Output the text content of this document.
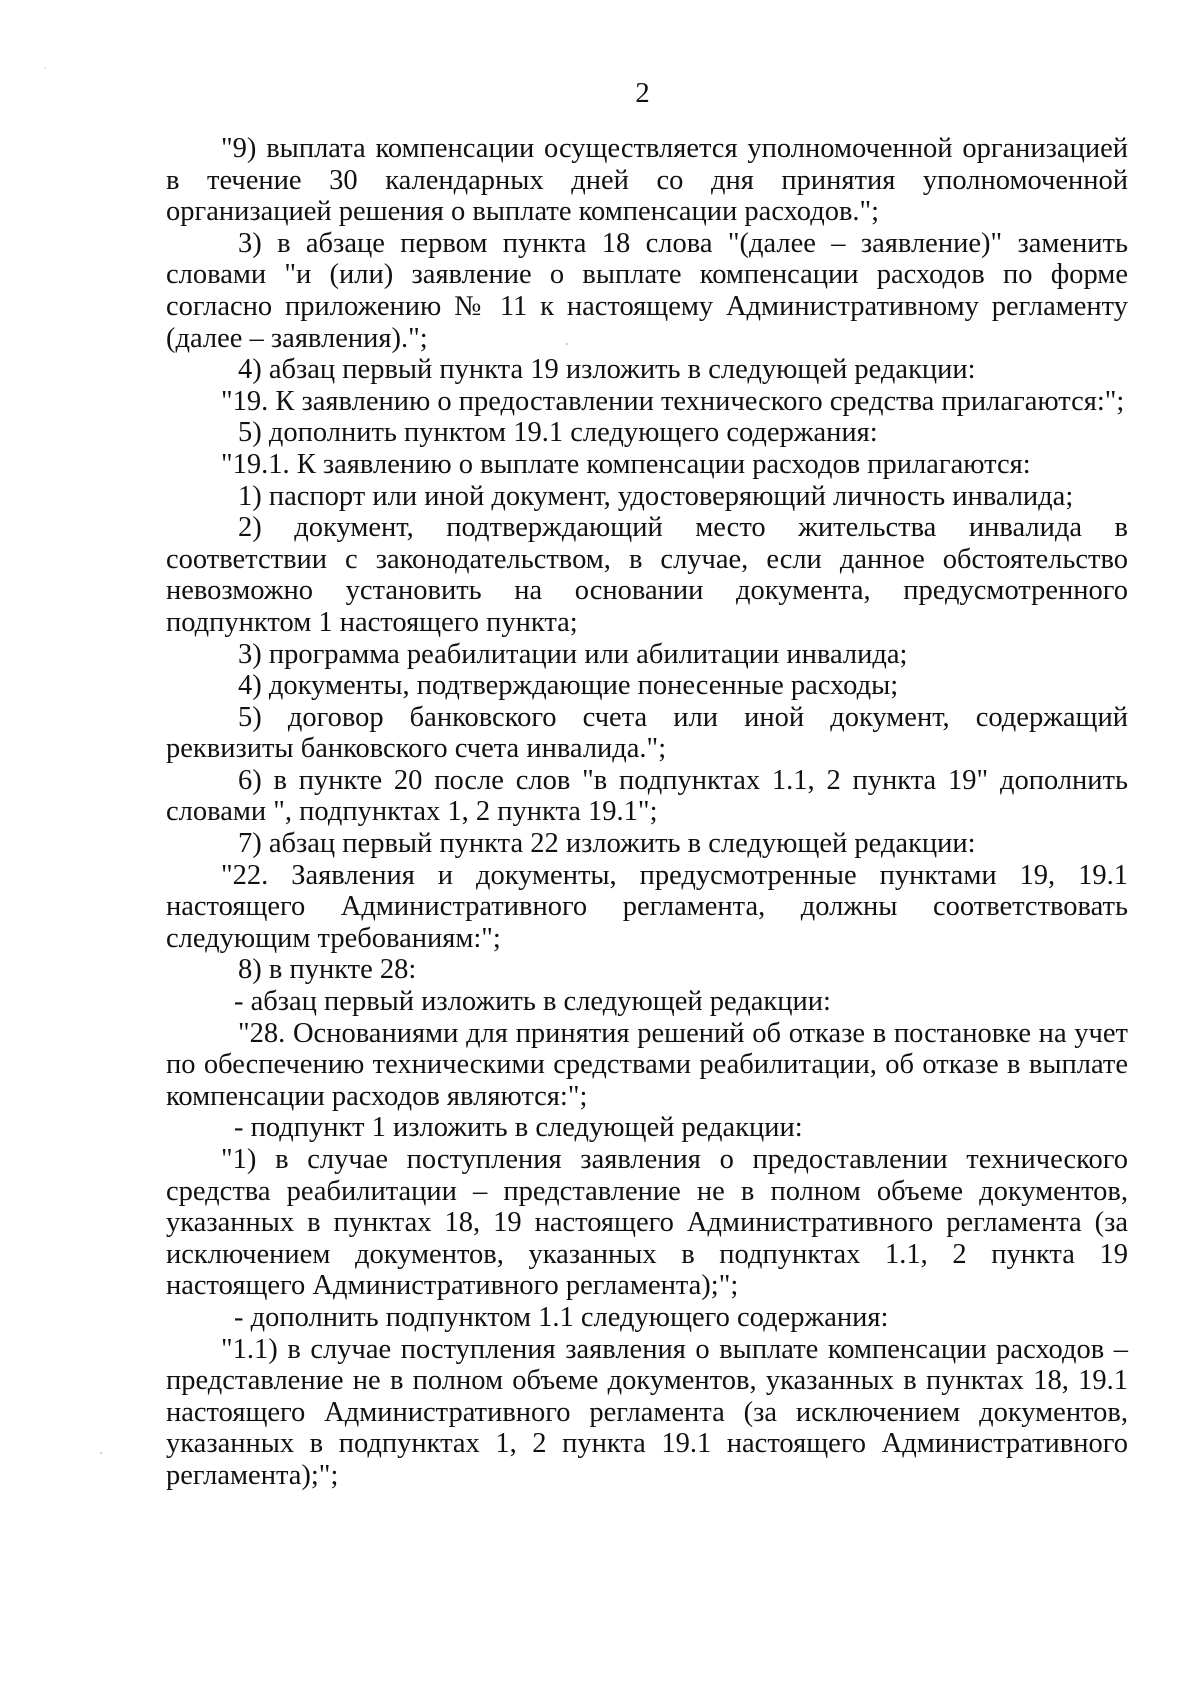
2

"9) выплата компенсации осуществляется уполномоченной организацией в течение 30 календарных дней со дня принятия уполномоченной организацией решения о выплате компенсации расходов.";

3) в абзаце первом пункта 18 слова "(далее – заявление)" заменить словами "и (или) заявление о выплате компенсации расходов по форме согласно приложению № 11 к настоящему Административному регламенту (далее – заявления).";

4) абзац первый пункта 19 изложить в следующей редакции:

"19. К заявлению о предоставлении технического средства прилагаются:";

5) дополнить пунктом 19.1 следующего содержания:

"19.1. К заявлению о выплате компенсации расходов прилагаются:

1) паспорт или иной документ, удостоверяющий личность инвалида;

2) документ, подтверждающий место жительства инвалида в соответствии с законодательством, в случае, если данное обстоятельство невозможно установить на основании документа, предусмотренного подпунктом 1 настоящего пункта;

3) программа реабилитации или абилитации инвалида;

4) документы, подтверждающие понесенные расходы;

5) договор банковского счета или иной документ, содержащий реквизиты банковского счета инвалида.";

6) в пункте 20 после слов "в подпунктах 1.1, 2 пункта 19" дополнить словами ", подпунктах 1, 2 пункта 19.1";

7) абзац первый пункта 22 изложить в следующей редакции:

"22. Заявления и документы, предусмотренные пунктами 19, 19.1 настоящего Административного регламента, должны соответствовать следующим требованиям:";

8) в пункте 28:

- абзац первый изложить в следующей редакции:

"28. Основаниями для принятия решений об отказе в постановке на учет по обеспечению техническими средствами реабилитации, об отказе в выплате компенсации расходов являются:";

- подпункт 1 изложить в следующей редакции:

"1) в случае поступления заявления о предоставлении технического средства реабилитации – представление не в полном объеме документов, указанных в пунктах 18, 19 настоящего Административного регламента (за исключением документов, указанных в подпунктах 1.1, 2 пункта 19 настоящего Административного регламента);";

- дополнить подпунктом 1.1 следующего содержания:

"1.1) в случае поступления заявления о выплате компенсации расходов – представление не в полном объеме документов, указанных в пунктах 18, 19.1 настоящего Административного регламента (за исключением документов, указанных в подпунктах 1, 2 пункта 19.1 настоящего Административного регламента);";
